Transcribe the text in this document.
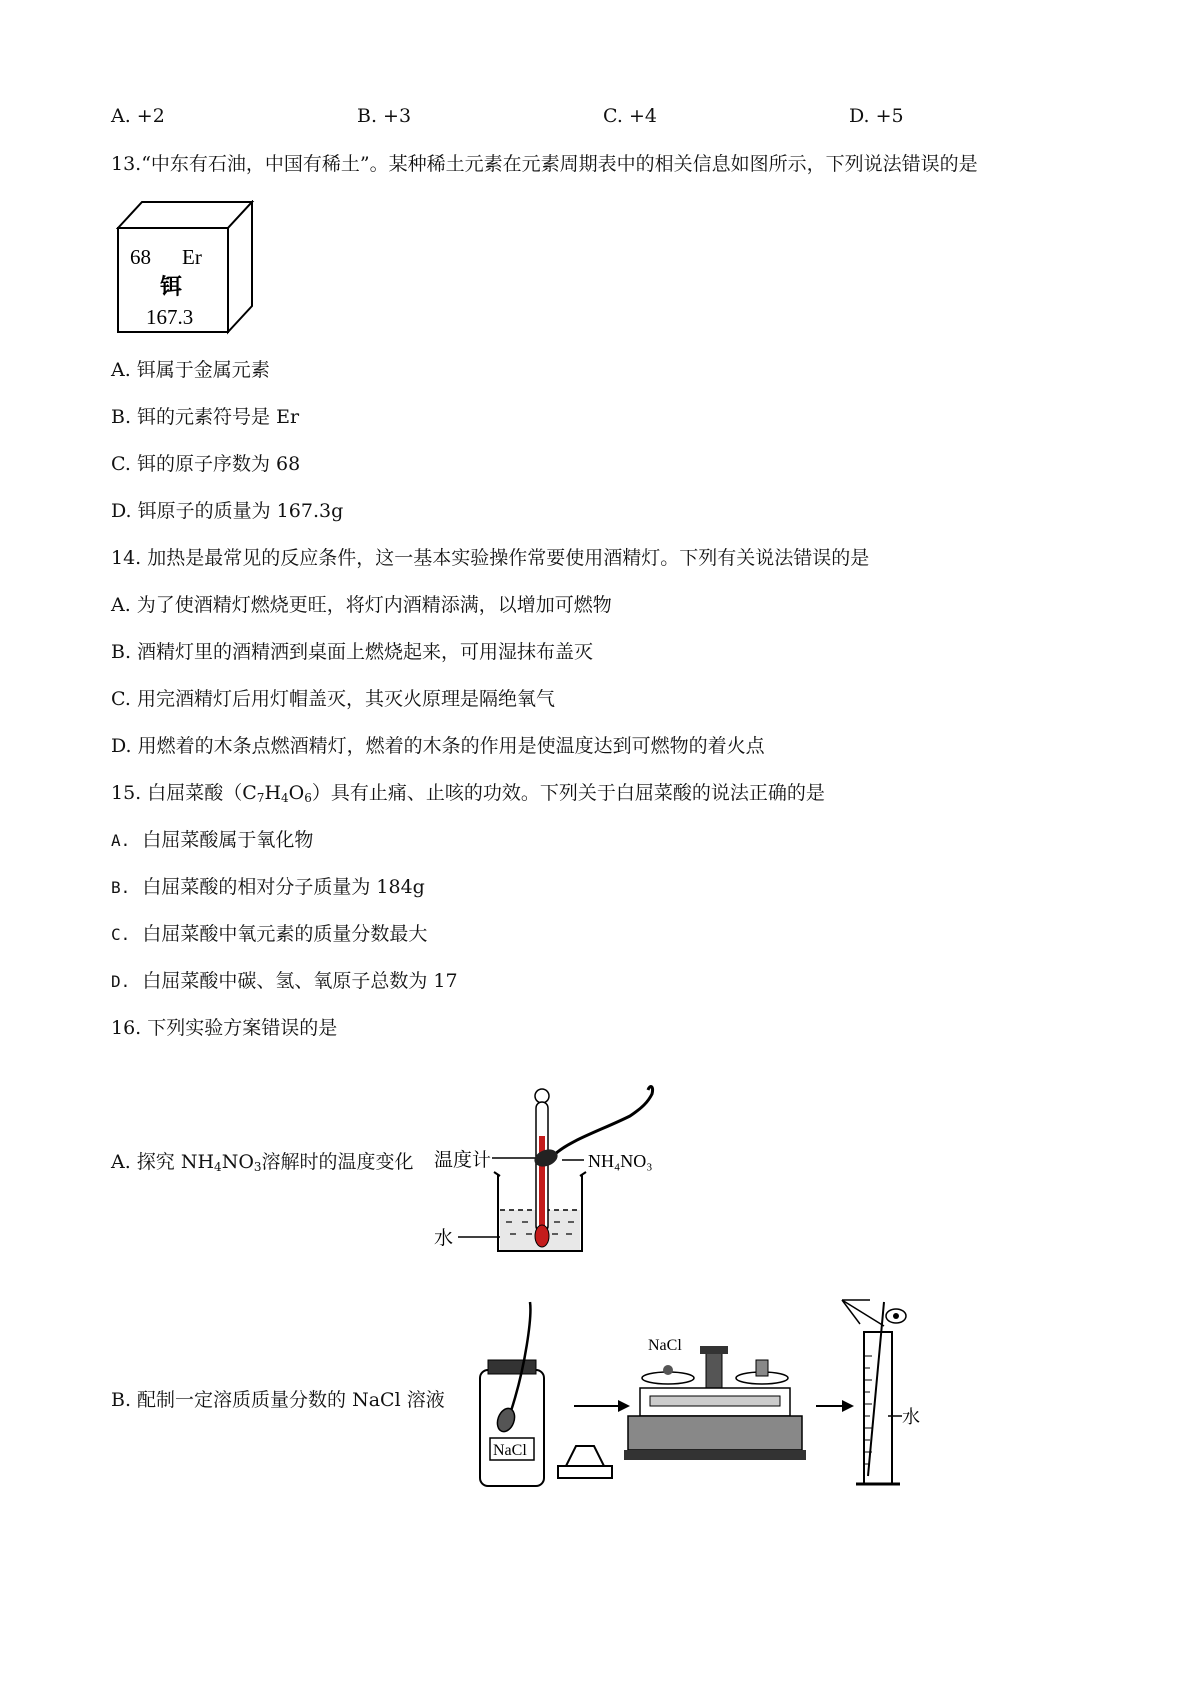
A. +2	B. +3	C. +4	D. +5
13.“中东有石油，中国有稀土”。某种稀土元素在元素周期表中的相关信息如图所示，下列说法错误的是
68 Er
铒
167.3
A. 铒属于金属元素
B. 铒的元素符号是 Er
C. 铒的原子序数为 68
D. 铒原子的质量为 167.3g
14. 加热是最常见的反应条件，这一基本实验操作常要使用酒精灯。下列有关说法错误的是
A. 为了使酒精灯燃烧更旺，将灯内酒精添满，以增加可燃物
B. 酒精灯里的酒精洒到桌面上燃烧起来，可用湿抹布盖灭
C. 用完酒精灯后用灯帽盖灭，其灭火原理是隔绝氧气
D. 用燃着的木条点燃酒精灯，燃着的木条的作用是使温度达到可燃物的着火点
15. 白屈菜酸$(C_7H_4O_6)$具有止痛、止咳的功效。下列关于白屈菜酸的说法正确的是
A. 白屈菜酸属于氧化物
B. 白屈菜酸的相对分子质量为 184g
C. 白屈菜酸中氧元素的质量分数最大
D. 白屈菜酸中碳、氢、氧原子总数为 17
16. 下列实验方案错误的是
A. 探究 $NH_4NO_3$溶解时的温度变化 温度计
水
NH₄NO₃
B. 配制一定溶质质量分数的 NaCl 溶液
NaCl
NaCl
水
